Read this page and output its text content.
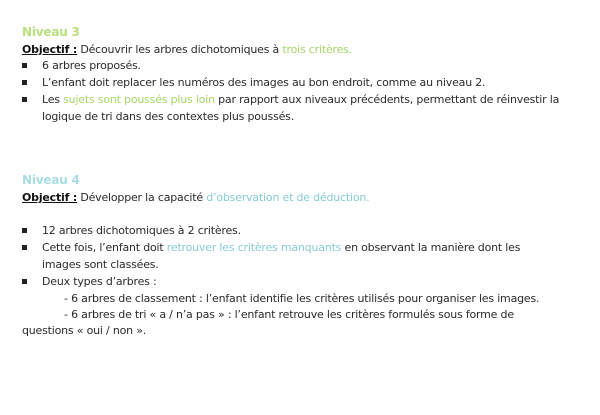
Niveau 3
Objectif : Découvrir les arbres dichotomiques à trois critères.
6 arbres proposés.
L’enfant doit replacer les numéros des images au bon endroit, comme au niveau 2.
Les sujets sont poussés plus loin par rapport aux niveaux précédents, permettant de réinvestir la
logique de tri dans des contextes plus poussés.
Niveau 4
Objectif : Développer la capacité d’observation et de déduction.
12 arbres dichotomiques à 2 critères.
Cette fois, l’enfant doit retrouver les critères manquants en observant la manière dont les
images sont classées.
Deux types d’arbres :
- 6 arbres de classement : l’enfant identifie les critères utilisés pour organiser les images.
- 6 arbres de tri « a / n’a pas » : l’enfant retrouve les critères formulés sous forme de
questions « oui / non ».
